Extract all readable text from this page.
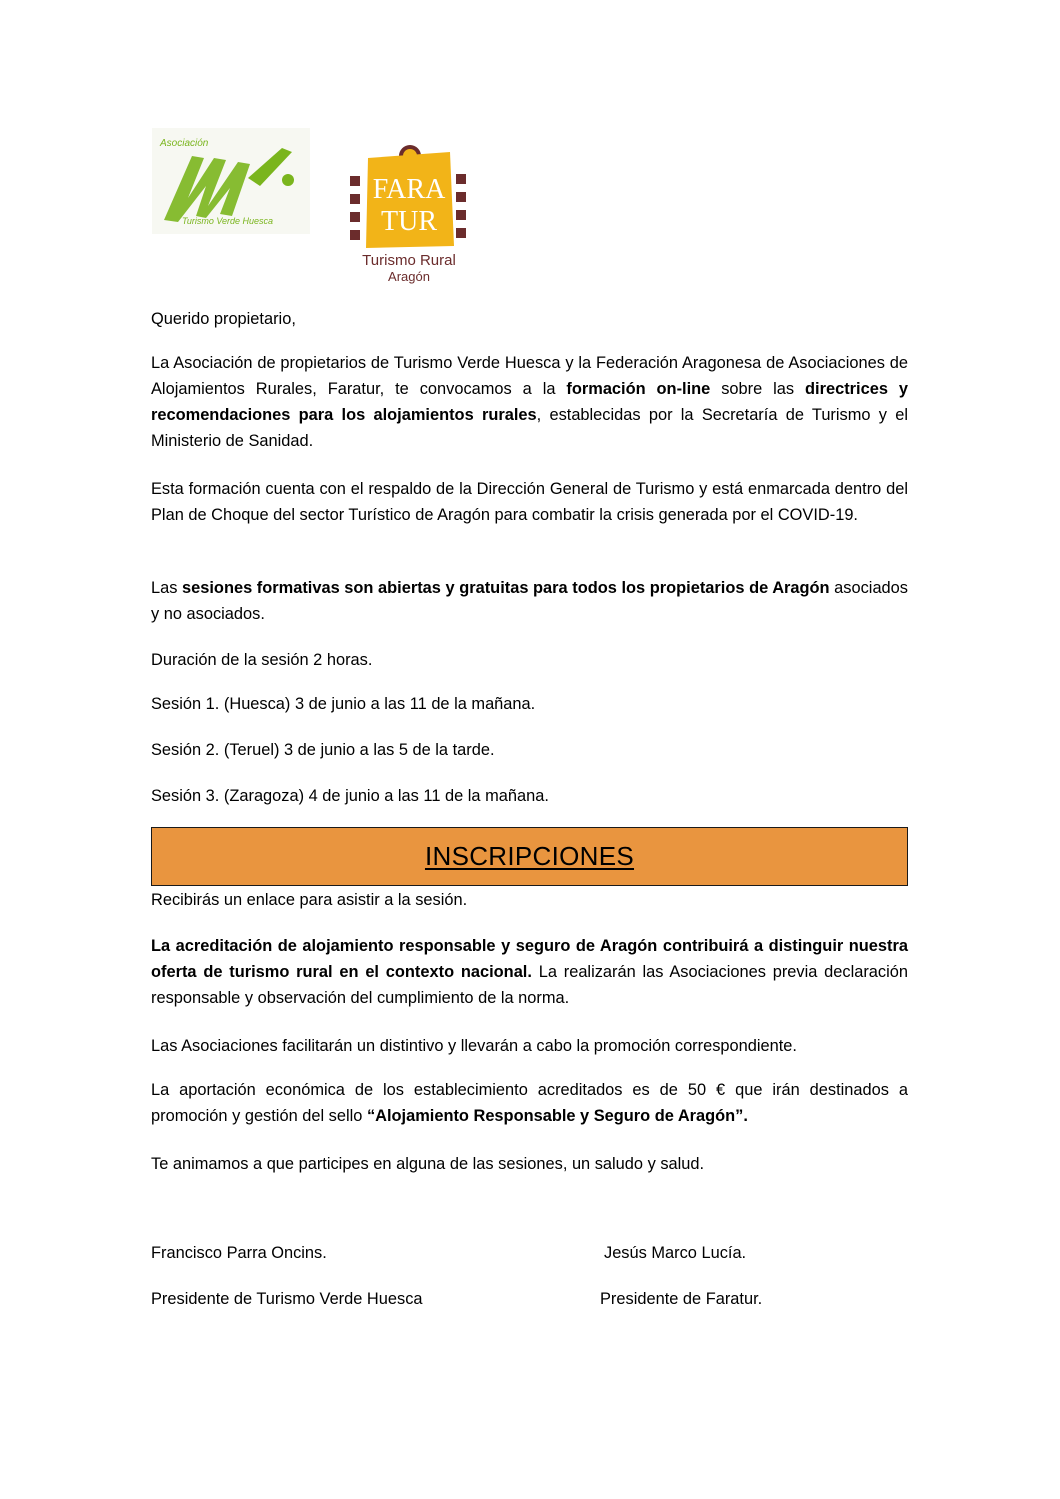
Asociación
Turismo Verde Huesca
FARA
TUR
Turismo Rural
Aragón

Querido propietario,

La Asociación de propietarios de Turismo Verde Huesca y la Federación Aragonesa de Asociaciones de Alojamientos Rurales, Faratur, te convocamos a la formación on-line sobre las directrices y recomendaciones para los alojamientos rurales, establecidas por la Secretaría de Turismo y el Ministerio de Sanidad.

Esta formación cuenta con el respaldo de la Dirección General de Turismo y está enmarcada dentro del Plan de Choque del sector Turístico de Aragón para combatir la crisis generada por el COVID-19.

Las sesiones formativas son abiertas y gratuitas para todos los propietarios de Aragón asociados y no asociados.

Duración de la sesión 2 horas.

Sesión 1. (Huesca) 3 de junio a las 11 de la mañana.

Sesión 2. (Teruel) 3 de junio a las 5 de la tarde.

Sesión 3. (Zaragoza) 4 de junio a las 11 de la mañana.

INSCRIPCIONES

Recibirás un enlace para asistir a la sesión.

La acreditación de alojamiento responsable y seguro de Aragón contribuirá a distinguir nuestra oferta de turismo rural en el contexto nacional. La realizarán las Asociaciones previa declaración responsable y observación del cumplimiento de la norma.

Las Asociaciones facilitarán un distintivo y llevarán a cabo la promoción correspondiente.

La aportación económica de los establecimiento acreditados es de 50 € que irán destinados a promoción y gestión del sello “Alojamiento Responsable y Seguro de Aragón”.

Te animamos a que participes en alguna de las sesiones, un saludo y salud.

Francisco Parra Oncins.	Jesús Marco Lucía.
Presidente de Turismo Verde Huesca	Presidente de Faratur.
